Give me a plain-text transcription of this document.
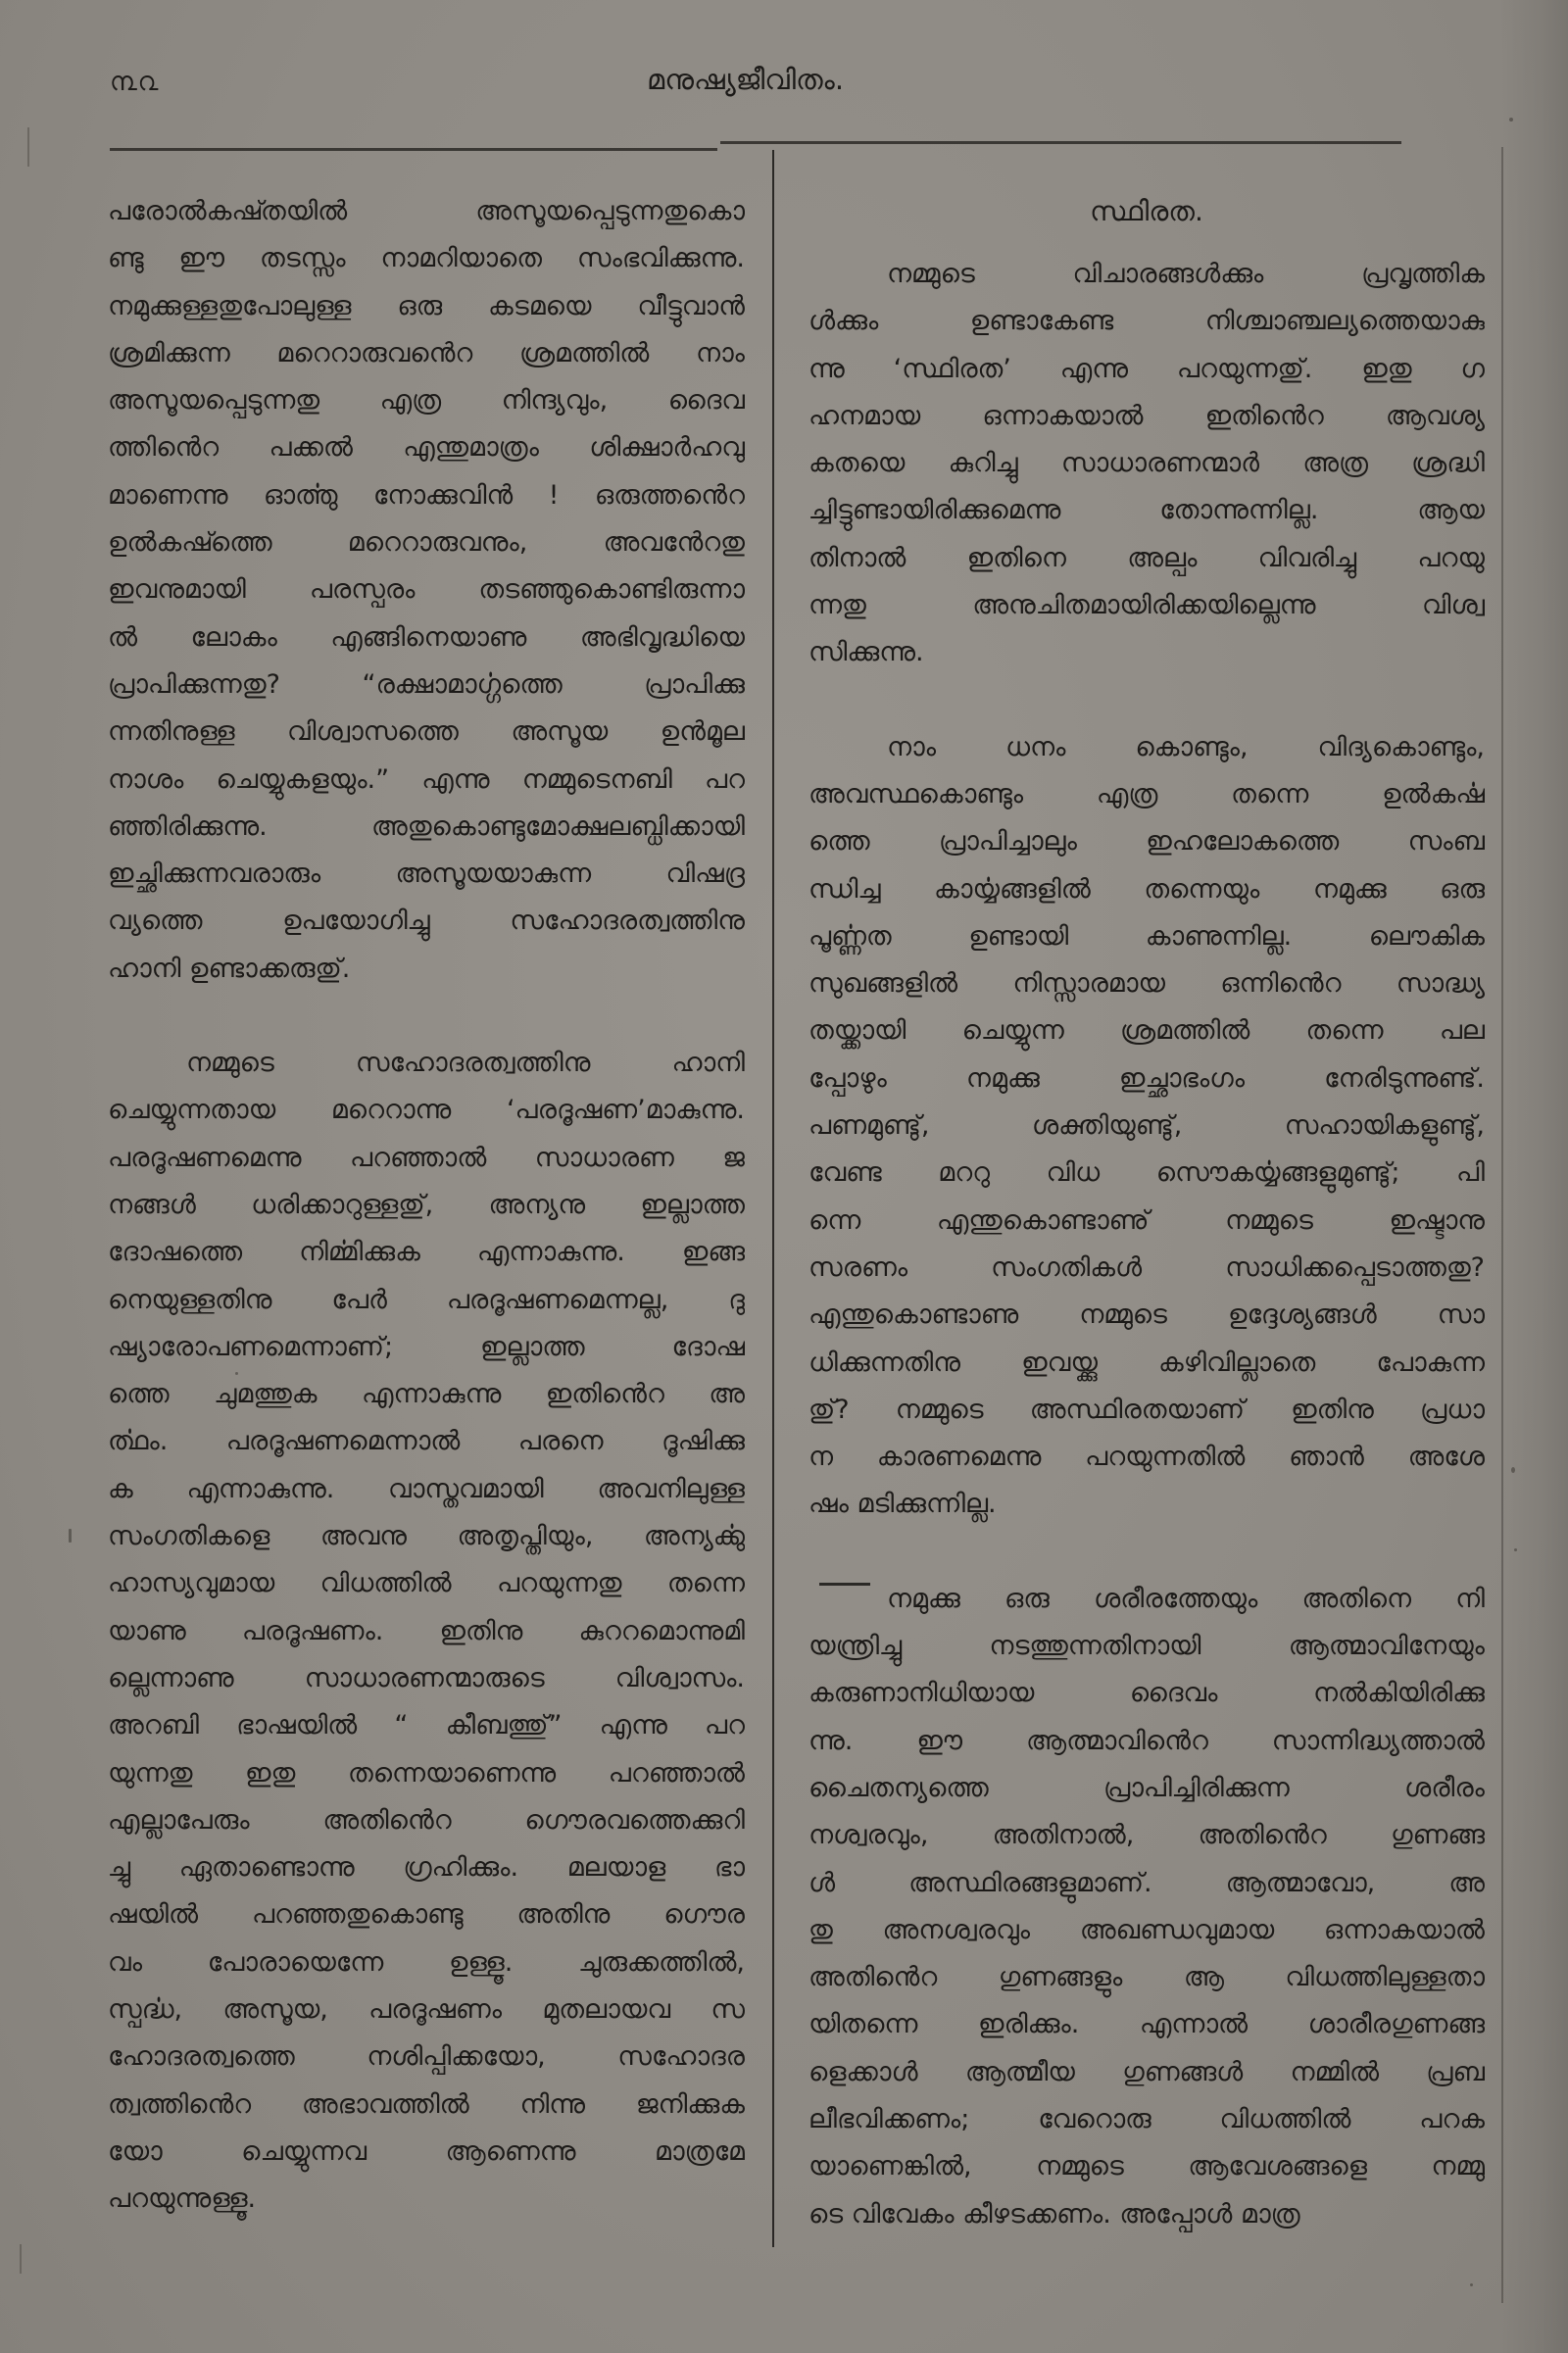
൩൨	മനുഷ്യജീവിതം.
പരോൽകഷ്തയിൽ അസൂയപ്പെടുന്നതുകൊ
ണ്ടു ഈ തടസ്സം നാമറിയാതെ സംഭവിക്കുന്നു.
നമുക്കുള്ളതുപോലുള്ള ഒരു കടമയെ വീട്ടുവാൻ
ശ്രമിക്കുന്ന മറെറാരുവൻെറ ശ്രമത്തിൽ നാം
അസൂയപ്പെടുന്നതു എത്ര നിന്ദ്യവും, ദൈവ
ത്തിൻെറ പക്കൽ എന്തുമാത്രം ശിക്ഷാർഹവു
മാണെന്നു ഓൎത്തു നോക്കുവിൻ ! ഒരുത്തൻെറ
ഉൽകഷ്ത്തെ മറെറാരുവനും, അവൻേറതു
ഇവനുമായി പരസ്പരം തടഞ്ഞുകൊണ്ടിരുന്നാ
ൽ ലോകം എങ്ങിനെയാണു അഭിവൃദ്ധിയെ
പ്രാപിക്കുന്നതു? “രക്ഷാമാൎഗ്ഗത്തെ പ്രാപിക്കു
ന്നതിനുള്ള വിശ്വാസത്തെ അസൂയ ഉൻമൂല
നാശം ചെയ്യുകളയും.” എന്നു നമ്മുടെനബി പറ
ഞ്ഞിരിക്കുന്നു. അതുകൊണ്ടുമോക്ഷലബ്ധിക്കായി
ഇച്ഛിക്കുന്നവരാരും അസൂയയാകുന്ന വിഷദ്ര
വ്യത്തെ ഉപയോഗിച്ചു സഹോദരത്വത്തിനു
ഹാനി ഉണ്ടാക്കരുതു്.
നമ്മുടെ സഹോദരത്വത്തിനു ഹാനി
ചെയ്യുന്നതായ മറെറാന്നു ‘പരദൂഷണ’മാകുന്നു.
പരദൂഷണമെന്നു പറഞ്ഞാൽ സാധാരണ ജ
നങ്ങൾ ധരിക്കാറുള്ളതു്, അന്യനു ഇല്ലാത്ത
ദോഷത്തെ നിൎമ്മിക്കുക എന്നാകുന്നു. ഇങ്ങ
നെയുള്ളതിനു പേർ പരദൂഷണമെന്നല്ല, ദു
ഷ്യാരോപണമെന്നാണ്; ഇല്ലാത്ത ദോഷ
ത്തെ ചുമത്തുക എന്നാകുന്നു ഇതിൻെറ അ
ൎത്ഥം. പരദൂഷണമെന്നാൽ പരനെ ദൂഷിക്കു
ക എന്നാകുന്നു. വാസ്തവമായി അവനിലുള്ള
സംഗതികളെ അവനു അതൃപ്തിയും, അന്യൎക്കു
ഹാസ്യവുമായ വിധത്തിൽ പറയുന്നതു തന്നെ
യാണു പരദൂഷണം. ഇതിനു കുററമൊന്നുമി
ല്ലെന്നാണു സാധാരണന്മാരുടെ വിശ്വാസം.
അറബി ഭാഷയിൽ “ കീബത്തു്” എന്നു പറ
യുന്നതു ഇതു തന്നെയാണെന്നു പറഞ്ഞാൽ
എല്ലാപേരും അതിൻെറ ഗൌരവത്തെക്കുറി
ച്ചു ഏതാണ്ടൊന്നു ഗ്രഹിക്കും. മലയാള ഭാ
ഷയിൽ പറഞ്ഞതുകൊണ്ടു അതിനു ഗൌര
വം പോരായെന്നേ ഉള്ളൂ. ചുരുക്കത്തിൽ,
സ്പൎദ്ധ, അസൂയ, പരദൂഷണം മുതലായവ സ
ഹോദരത്വത്തെ നശിപ്പിക്കയോ, സഹോദര
ത്വത്തിൻെറ അഭാവത്തിൽ നിന്നു ജനിക്കുക
യോ ചെയ്യുന്നവ ആണെന്നു മാത്രമേ
പറയുന്നുള്ളൂ.
സ്ഥിരത.
നമ്മുടെ വിചാരങ്ങൾക്കും പ്രവൃത്തിക
ൾക്കും ഉണ്ടാകേണ്ട നിശ്ചാഞ്ചല്യത്തെയാകു
ന്നു ‘സ്ഥിരത’ എന്നു പറയുന്നതു്. ഇതു ഗ
ഹനമായ ഒന്നാകയാൽ ഇതിൻെറ ആവശ്യ
കതയെ കുറിച്ചു സാധാരണന്മാർ അത്ര ശ്രദ്ധി
ച്ചിട്ടുണ്ടായിരിക്കുമെന്നു തോന്നുന്നില്ല. ആയ
തിനാൽ ഇതിനെ അല്പം വിവരിച്ചു പറയു
ന്നതു അനുചിതമായിരിക്കയില്ലെന്നു വിശ്വ
സിക്കുന്നു.
നാം ധനം കൊണ്ടും, വിദ്യകൊണ്ടും,
അവസ്ഥകൊണ്ടും എത്ര തന്നെ ഉൽകൎഷ
ത്തെ പ്രാപിച്ചാലും ഇഹലോകത്തെ സംബ
ന്ധിച്ച കാൎയ്യങ്ങളിൽ തന്നെയും നമുക്കു ഒരു
പൂൎണ്ണത ഉണ്ടായി കാണുന്നില്ല. ലൌകിക
സുഖങ്ങളിൽ നിസ്സാരമായ ഒന്നിൻെറ സാദ്ധ്യ
തയ്ക്കായി ചെയ്യുന്ന ശ്രമത്തിൽ തന്നെ പല
പ്പോഴും നമുക്കു ഇച്ഛാഭംഗം നേരിടുന്നുണ്ട്.
പണമുണ്ടു്, ശക്തിയുണ്ടു്, സഹായികളുണ്ടു്,
വേണ്ട മററു വിധ സൌകൎയ്യങ്ങളുമുണ്ടു്; പി
ന്നെ എന്തുകൊണ്ടാണു് നമ്മുടെ ഇഷ്ടാനു
സരണം സംഗതികൾ സാധിക്കപ്പെടാത്തതു?
എന്തുകൊണ്ടാണു നമ്മുടെ ഉദ്ദേശ്യങ്ങൾ സാ
ധിക്കുന്നതിനു ഇവയ്ക്കു കഴിവില്ലാതെ പോകുന്ന
തു്? നമ്മുടെ അസ്ഥിരതയാണ് ഇതിനു പ്രധാ
ന കാരണമെന്നു പറയുന്നതിൽ ഞാൻ അശേ
ഷം മടിക്കുന്നില്ല.
നമുക്കു ഒരു ശരീരത്തേയും അതിനെ നി
യന്ത്രിച്ചു നടത്തുന്നതിനായി ആത്മാവിനേയും
കരുണാനിധിയായ ദൈവം നൽകിയിരിക്കു
ന്നു. ഈ ആത്മാവിൻെറ സാന്നിദ്ധ്യത്താൽ
ചൈതന്യത്തെ പ്രാപിച്ചിരിക്കുന്ന ശരീരം
നശ്വരവും, അതിനാൽ, അതിൻെറ ഗുണങ്ങ
ൾ അസ്ഥിരങ്ങളുമാണ്. ആത്മാവോ, അ
തു അനശ്വരവും അഖണ്ഡവുമായ ഒന്നാകയാൽ
അതിൻെറ ഗുണങ്ങളും ആ വിധത്തിലുള്ളതാ
യിതന്നെ ഇരിക്കും. എന്നാൽ ശാരീരഗുണങ്ങ
ളെക്കാൾ ആത്മീയ ഗുണങ്ങൾ നമ്മിൽ പ്രബ
ലീഭവിക്കണം; വേറൊരു വിധത്തിൽ പറക
യാണെങ്കിൽ, നമ്മുടെ ആവേശങ്ങളെ നമ്മു
ടെ വിവേകം കീഴടക്കണം. അപ്പോൾ മാത്ര
